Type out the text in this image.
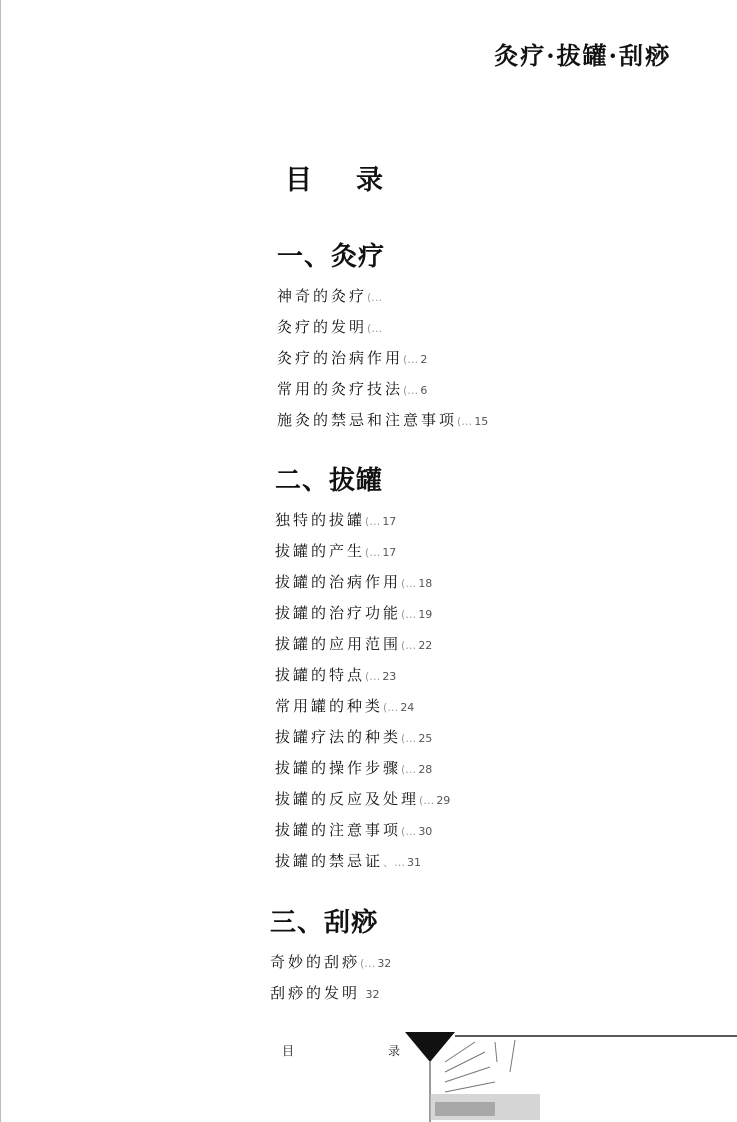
灸疗·拔罐·刮痧
目 录
一、灸疗
神奇的灸疗(…
灸疗的发明(…
灸疗的治病作用(… 2
常用的灸疗技法(… 6
施灸的禁忌和注意事项(… 15
二、拔罐
独特的拔罐(… 17
拔罐的产生(… 17
拔罐的治病作用(… 18
拔罐的治疗功能(… 19
拔罐的应用范围(… 22
拔罐的特点(… 23
常用罐的种类(… 24
拔罐疗法的种类(… 25
拔罐的操作步骤(… 28
拔罐的反应及处理(… 29
拔罐的注意事项(… 30
拔罐的禁忌证、… 31
三、刮痧
奇妙的刮痧(… 32
刮痧的发明 32
目	录
